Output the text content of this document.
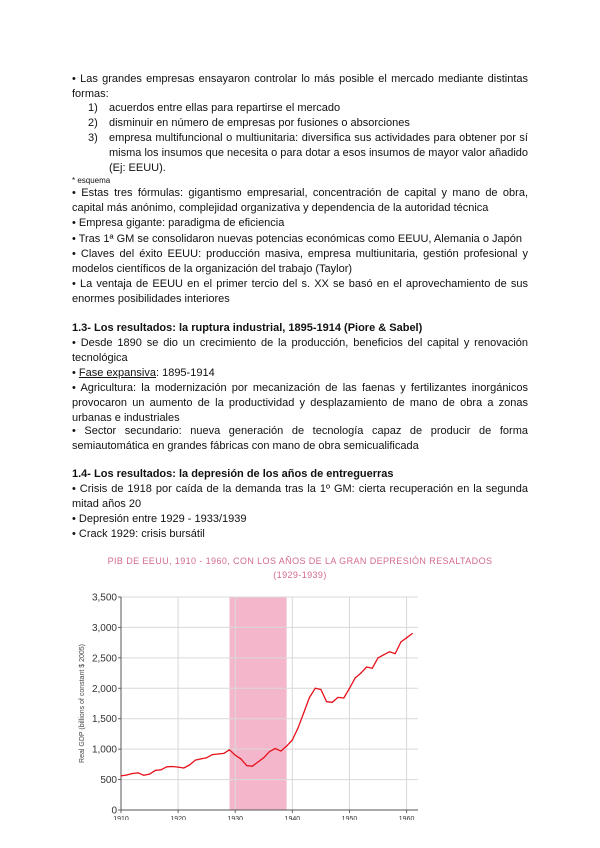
• Las grandes empresas ensayaron controlar lo más posible el mercado mediante distintas formas:
1)	acuerdos entre ellas para repartirse el mercado
2)	disminuir en número de empresas por fusiones o absorciones
3)	empresa multifuncional o multiunitaria: diversifica sus actividades para obtener por sí misma los insumos que necesita o para dotar a esos insumos de mayor valor añadido (Ej: EEUU).
* esquema
• Estas tres fórmulas: gigantismo empresarial, concentración de capital y mano de obra, capital más anónimo, complejidad organizativa y dependencia de la autoridad técnica
• Empresa gigante: paradigma de eficiencia
• Tras 1ª GM se consolidaron nuevas potencias económicas como EEUU, Alemania o Japón
• Claves del éxito EEUU: producción masiva, empresa multiunitaria, gestión profesional y modelos científicos de la organización del trabajo (Taylor)
• La ventaja de EEUU en el primer tercio del s. XX se basó en el aprovechamiento de sus enormes posibilidades interiores
1.3- Los resultados: la ruptura industrial, 1895-1914 (Piore & Sabel)
• Desde 1890 se dio un crecimiento de la producción, beneficios del capital y renovación tecnológica
• Fase expansiva: 1895-1914
• Agricultura: la modernización por mecanización de las faenas y fertilizantes inorgánicos provocaron un aumento de la productividad y desplazamiento de mano de obra a zonas urbanas e industriales
• Sector secundario: nueva generación de tecnología capaz de producir de forma semiautomática en grandes fábricas con mano de obra semicualificada
1.4- Los resultados: la depresión de los años de entreguerras
• Crisis de 1918 por caída de la demanda tras la 1º GM: cierta recuperación en la segunda mitad años 20
• Depresión entre 1929 - 1933/1939
• Crack 1929: crisis bursátil
PIB DE EEUU, 1910 - 1960, CON LOS AÑOS DE LA GRAN DEPRESIÓN RESALTADOS
(1929-1939)
0
500
1,000
1,500
2,000
2,500
3,000
3,500
1910	1920	1930	1940	1950	1960
Real GDP (billions of constant $ 2005)
